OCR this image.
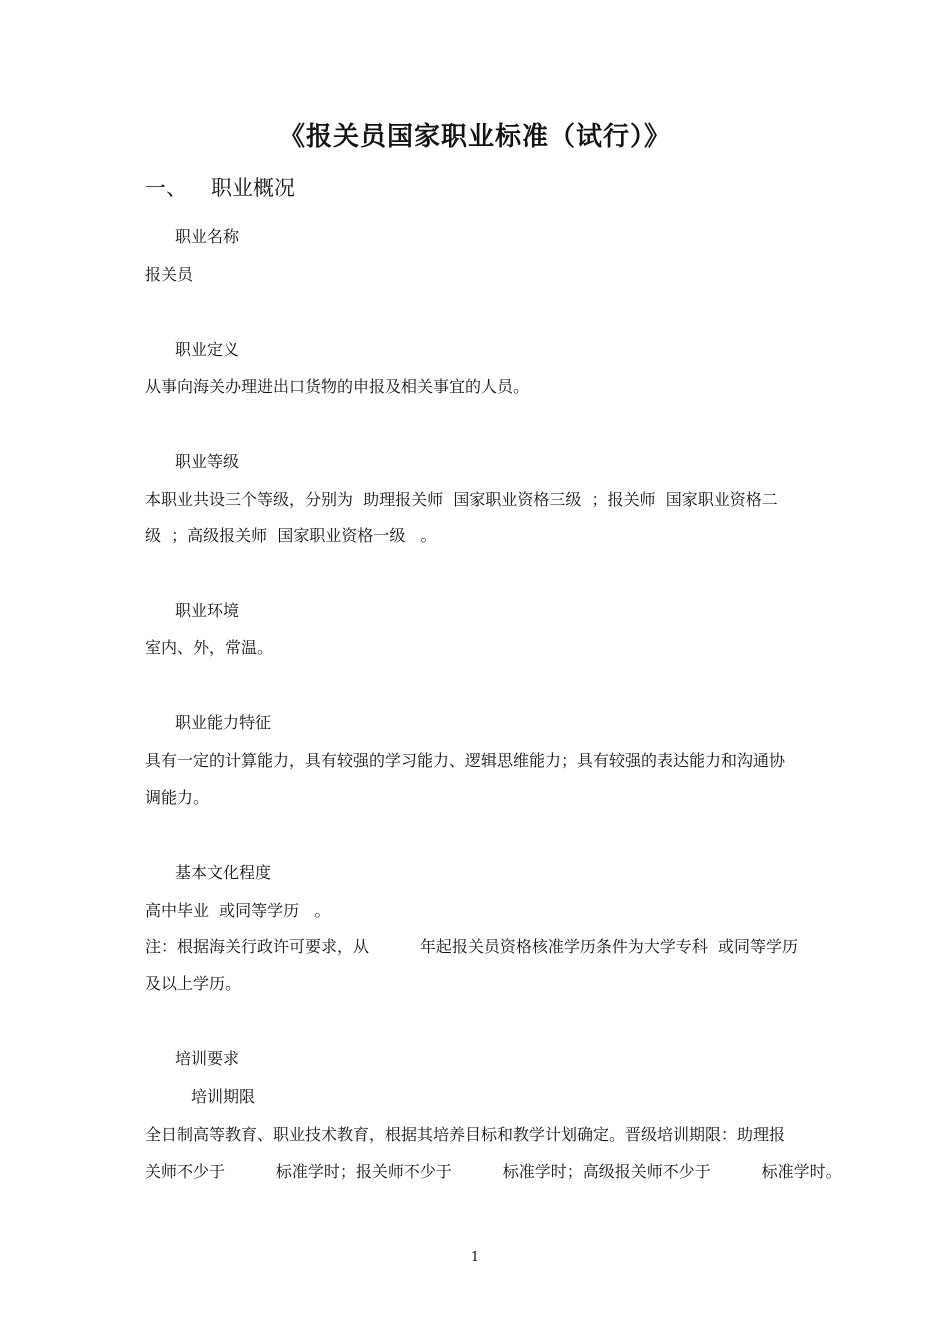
《报关员国家职业标准（试行）》
一、 职业概况
职业名称
报关员
职业定义
从事向海关办理进出口货物的申报及相关事宜的人员。
职业等级
本职业共设三个等级，分别为  助理报关师  国家职业资格三级  ；报关师  国家职业资格二
级  ；高级报关师  国家职业资格一级   。
职业环境
室内、外，常温。
职业能力特征
具有一定的计算能力，具有较强的学习能力、逻辑思维能力；具有较强的表达能力和沟通协
调能力。
基本文化程度
高中毕业  或同等学历   。
注：根据海关行政许可要求，从          年起报关员资格核准学历条件为大学专科  或同等学历
及以上学历。
培训要求
培训期限
全日制高等教育、职业技术教育，根据其培养目标和教学计划确定。晋级培训期限：助理报
关师不少于          标准学时；报关师不少于          标准学时；高级报关师不少于          标准学时。
1
